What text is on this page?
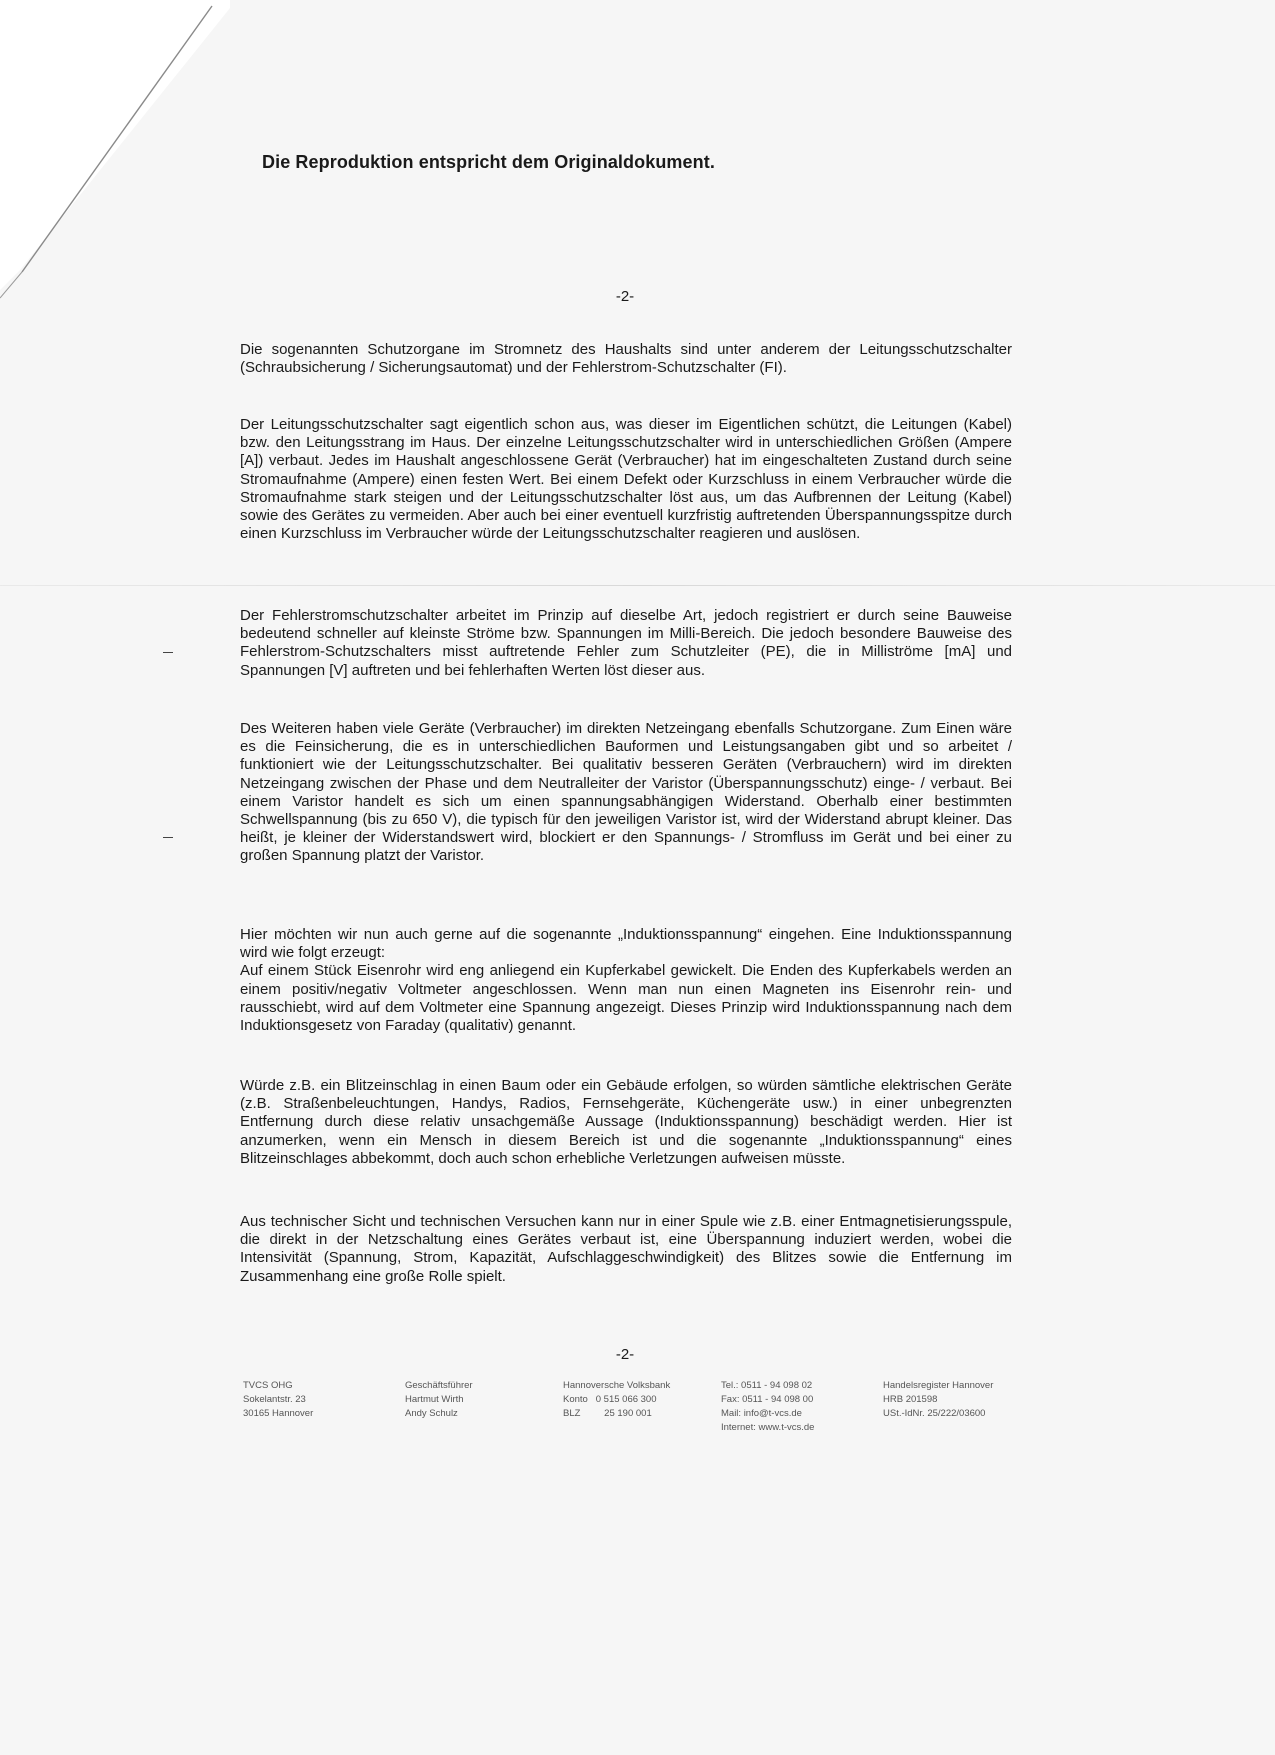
Die Reproduktion entspricht dem Originaldokument.
-2-

Die sogenannten Schutzorgane im Stromnetz des Haushalts sind unter anderem der Leitungsschutzschalter (Schraubsicherung / Sicherungsautomat) und der Fehlerstrom-Schutzschalter (FI).

Der Leitungsschutzschalter sagt eigentlich schon aus, was dieser im Eigentlichen schützt, die Leitungen (Kabel) bzw. den Leitungsstrang im Haus. Der einzelne Leitungsschutzschalter wird in unterschiedlichen Größen (Ampere [A]) verbaut. Jedes im Haushalt angeschlossene Gerät (Verbraucher) hat im eingeschalteten Zustand durch seine Stromaufnahme (Ampere) einen festen Wert. Bei einem Defekt oder Kurzschluss in einem Verbraucher würde die Stromaufnahme stark steigen und der Leitungsschutzschalter löst aus, um das Aufbrennen der Leitung (Kabel) sowie des Gerätes zu vermeiden. Aber auch bei einer eventuell kurzfristig auftretenden Überspannungsspitze durch einen Kurzschluss im Verbraucher würde der Leitungsschutzschalter reagieren und auslösen.

Der Fehlerstromschutzschalter arbeitet im Prinzip auf dieselbe Art, jedoch registriert er durch seine Bauweise bedeutend schneller auf kleinste Ströme bzw. Spannungen im Milli-Bereich. Die jedoch besondere Bauweise des Fehlerstrom-Schutzschalters misst auftretende Fehler zum Schutzleiter (PE), die in Milliströme [mA] und Spannungen [V] auftreten und bei fehlerhaften Werten löst dieser aus.

Des Weiteren haben viele Geräte (Verbraucher) im direkten Netzeingang ebenfalls Schutzorgane. Zum Einen wäre es die Feinsicherung, die es in unterschiedlichen Bauformen und Leistungsangaben gibt und so arbeitet / funktioniert wie der Leitungsschutzschalter. Bei qualitativ besseren Geräten (Verbrauchern) wird im direkten Netzeingang zwischen der Phase und dem Neutralleiter der Varistor (Überspannungsschutz) einge- / verbaut. Bei einem Varistor handelt es sich um einen spannungsabhängigen Widerstand. Oberhalb einer bestimmten Schwellspannung (bis zu 650 V), die typisch für den jeweiligen Varistor ist, wird der Widerstand abrupt kleiner. Das heißt, je kleiner der Widerstandswert wird, blockiert er den Spannungs- / Stromfluss im Gerät und bei einer zu großen Spannung platzt der Varistor.

Hier möchten wir nun auch gerne auf die sogenannte „Induktionsspannung“ eingehen. Eine Induktionsspannung wird wie folgt erzeugt:
Auf einem Stück Eisenrohr wird eng anliegend ein Kupferkabel gewickelt. Die Enden des Kupferkabels werden an einem positiv/negativ Voltmeter angeschlossen. Wenn man nun einen Magneten ins Eisenrohr rein- und rausschiebt, wird auf dem Voltmeter eine Spannung angezeigt. Dieses Prinzip wird Induktionsspannung nach dem Induktionsgesetz von Faraday (qualitativ) genannt.

Würde z.B. ein Blitzeinschlag in einen Baum oder ein Gebäude erfolgen, so würden sämtliche elektrischen Geräte (z.B. Straßenbeleuchtungen, Handys, Radios, Fernsehgeräte, Küchengeräte usw.) in einer unbegrenzten Entfernung durch diese relativ unsachgemäße Aussage (Induktionsspannung) beschädigt werden. Hier ist anzumerken, wenn ein Mensch in diesem Bereich ist und die sogenannte „Induktionsspannung“ eines Blitzeinschlages abbekommt, doch auch schon erhebliche Verletzungen aufweisen müsste.

Aus technischer Sicht und technischen Versuchen kann nur in einer Spule wie z.B. einer Entmagnetisierungsspule, die direkt in der Netzschaltung eines Gerätes verbaut ist, eine Überspannung induziert werden, wobei die Intensivität (Spannung, Strom, Kapazität, Aufschlaggeschwindigkeit) des Blitzes sowie die Entfernung im Zusammenhang eine große Rolle spielt.

-2-
TVCS OHG
Sokelantstr. 23
30165 Hannover
Geschäftsführer
Hartmut Wirth
Andy Schulz
Hannoversche Volksbank
Konto   0 515 066 300
BLZ         25 190 001
Tel.: 0511 - 94 098 02
Fax: 0511 - 94 098 00
Mail: info@t-vcs.de
Internet: www.t-vcs.de
Handelsregister Hannover
HRB 201598
USt.-IdNr. 25/222/03600
